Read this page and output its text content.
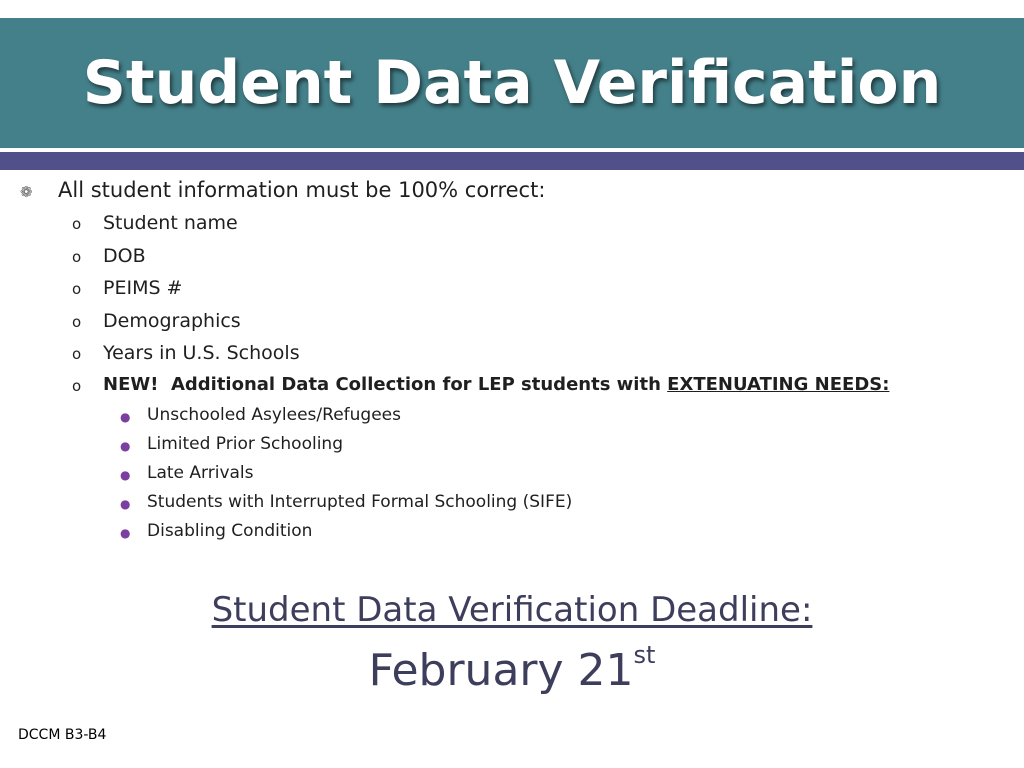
Student Data Verification
❁ All student information must be 100% correct:
o Student name
o DOB
o PEIMS #
o Demographics
o Years in U.S. Schools
o NEW!  Additional Data Collection for LEP students with EXTENUATING NEEDS:
● Unschooled Asylees/Refugees
● Limited Prior Schooling
● Late Arrivals
● Students with Interrupted Formal Schooling (SIFE)
● Disabling Condition
Student Data Verification Deadline:
February 21st
DCCM B3-B4
